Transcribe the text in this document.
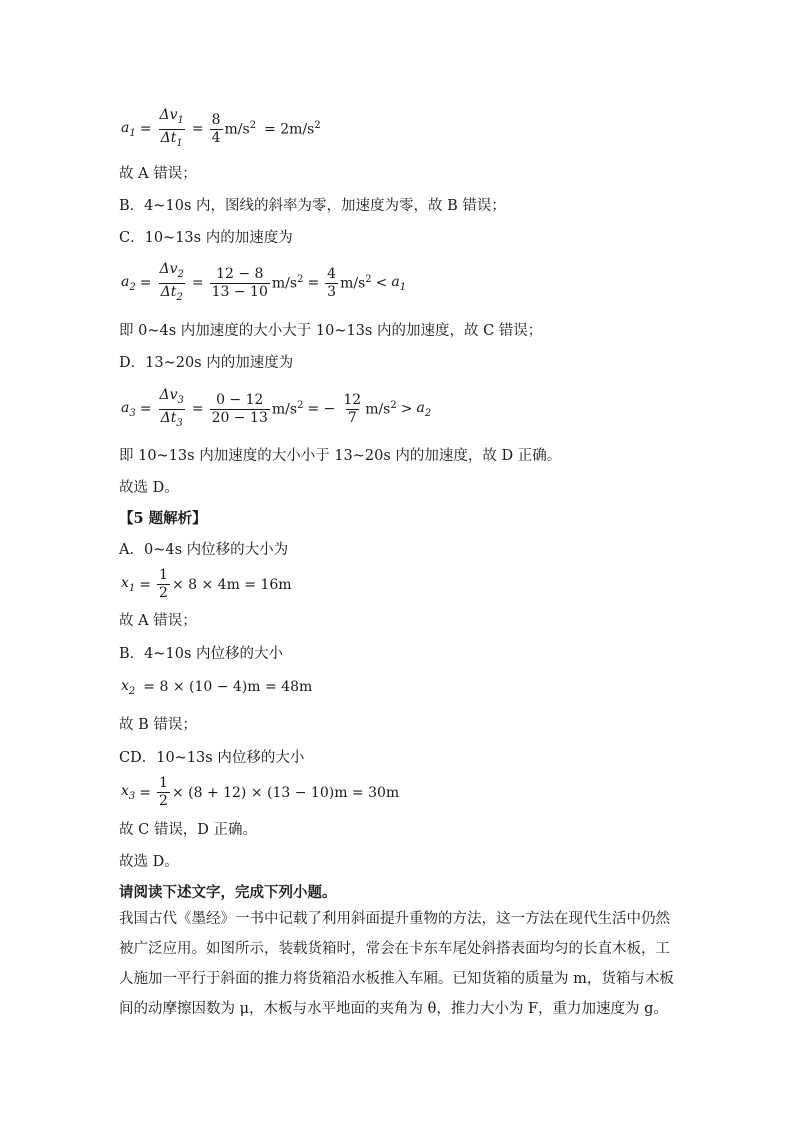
$a_1 = \frac{\Delta v_1}{\Delta t_1} = \frac{8}{4} m/s^2 = 2m/s^2$
故 A 错误；
B．4~10s 内，图线的斜率为零，加速度为零，故 B 错误；
C．10~13s 内的加速度为
$a_2 = \frac{\Delta v_2}{\Delta t_2} = \frac{12 - 8}{13 - 10} m/s^2 = \frac{4}{3} m/s^2 < a_1$
即 0~4s 内加速度的大小大于 10~13s 内的加速度，故 C 错误；
D．13~20s 内的加速度为
$a_3 = \frac{\Delta v_3}{\Delta t_3} = \frac{0 - 12}{20 - 13} m/s^2$ = − $\frac{12}{7} m/s^2 > a_2$
即 10~13s 内加速度的大小小于 13~20s 内的加速度，故 D 正确。
故选 D。
【5 题解析】
A．0~4s 内位移的大小为
$x_1 = \frac{1}{2} \times 8 \times 4m = 16m$
故 A 错误；
B．4~10s 内位移的大小
$x_2 = 8 \times (10 - 4)m = 48m$
故 B 错误；
CD．10~13s 内位移的大小
$x_3 = \frac{1}{2} \times (8 + 12) \times (13 - 10)m = 30m$
故 C 错误，D 正确。
故选 D。
请阅读下述文字，完成下列小题。
我国古代《墨经》一书中记载了利用斜面提升重物的方法，这一方法在现代生活中仍然被广泛应用。如图所示，装载货箱时，常会在卡东车尾处斜搭表面均匀的长直木板，工人施加一平行于斜面的推力将货箱沿水板推入车厢。已知货箱的质量为 m，货箱与木板间的动摩擦因数为 μ，木板与水平地面的夹角为 θ，推力大小为 F，重力加速度为 g。
